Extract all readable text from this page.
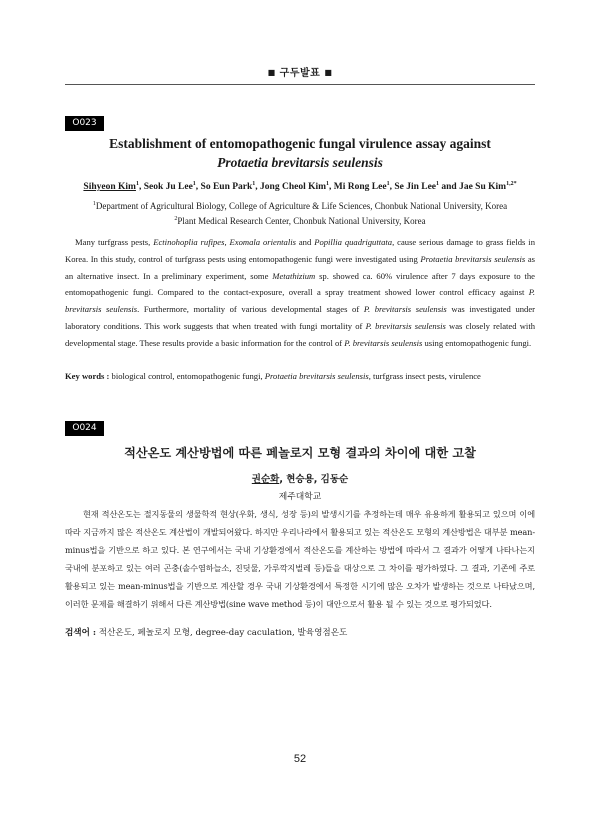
■ 구두발표 ■
O023
Establishment of entomopathogenic fungal virulence assay against
Protaetia brevitarsis seulensis
Sihyeon Kim$^1$, Seok Ju Lee$^1$, So Eun Park$^1$, Jong Cheol Kim$^1$, Mi Rong Lee$^1$, Se Jin Lee$^1$ and Jae Su Kim$^{1,2*}$
$^1$Department of Agricultural Biology, College of Agriculture & Life Sciences, Chonbuk National University, Korea
$^2$Plant Medical Research Center, Chonbuk National University, Korea
Many turfgrass pests, Ectinohoplia rufipes, Exomala orientalis and Popillia quadriguttata, cause serious damage to grass fields in Korea. In this study, control of turfgrass pests using entomopathogenic fungi were investigated using Protaetia brevitarsis seulensis as an alternative insect. In a preliminary experiment, some Metathizium sp. showed ca. 60% virulence after 7 days exposure to the entomopathogenic fungi. Compared to the contact-exposure, overall a spray treatment showed lower control efficacy against P. brevitarsis seulensis. Furthermore, mortality of various developmental stages of P. brevitarsis seulensis was investigated under laboratory conditions. This work suggests that when treated with fungi mortality of P. brevitarsis seulensis was closely related with developmental stage. These results provide a basic information for the control of P. brevitarsis seulensis using entomopathogenic fungi.
Key words : biological control, entomopathogenic fungi, Protaetia brevitarsis seulensis, turfgrass insect pests, virulence
O024
적산온도 계산방법에 따른 페놀로지 모형 결과의 차이에 대한 고찰
권순화, 현승용, 김동순
제주대학교
현재 적산온도는 절지동물의 생물학적 현상(우화, 생식, 성장 등)의 발생시기를 추정하는데 매우 유용하게 활용되고 있으며 이에 따라 지금까지 많은 적산온도 계산법이 개발되어왔다. 하지만 우리나라에서 활용되고 있는 적산온도 모형의 계산방법은 대부분 mean-minus법을 기반으로 하고 있다. 본 연구에서는 국내 기상환경에서 적산온도를 계산하는 방법에 따라서 그 결과가 어떻게 나타나는지 국내에 분포하고 있는 여러 곤충(솔수염하늘소, 진딧물, 가루깍지벌레 등)들을 대상으로 그 차이를 평가하였다. 그 결과, 기존에 주로 활용되고 있는 mean-minus법을 기반으로 계산할 경우 국내 기상환경에서 특정한 시기에 많은 오차가 발생하는 것으로 나타났으며, 이러한 문제를 해결하기 위해서 다른 계산방법(sine wave method 등)이 대안으로서 활용 될 수 있는 것으로 평가되었다.
검색어 : 적산온도, 페놀로지 모형, degree-day caculation, 발육영점온도
52
